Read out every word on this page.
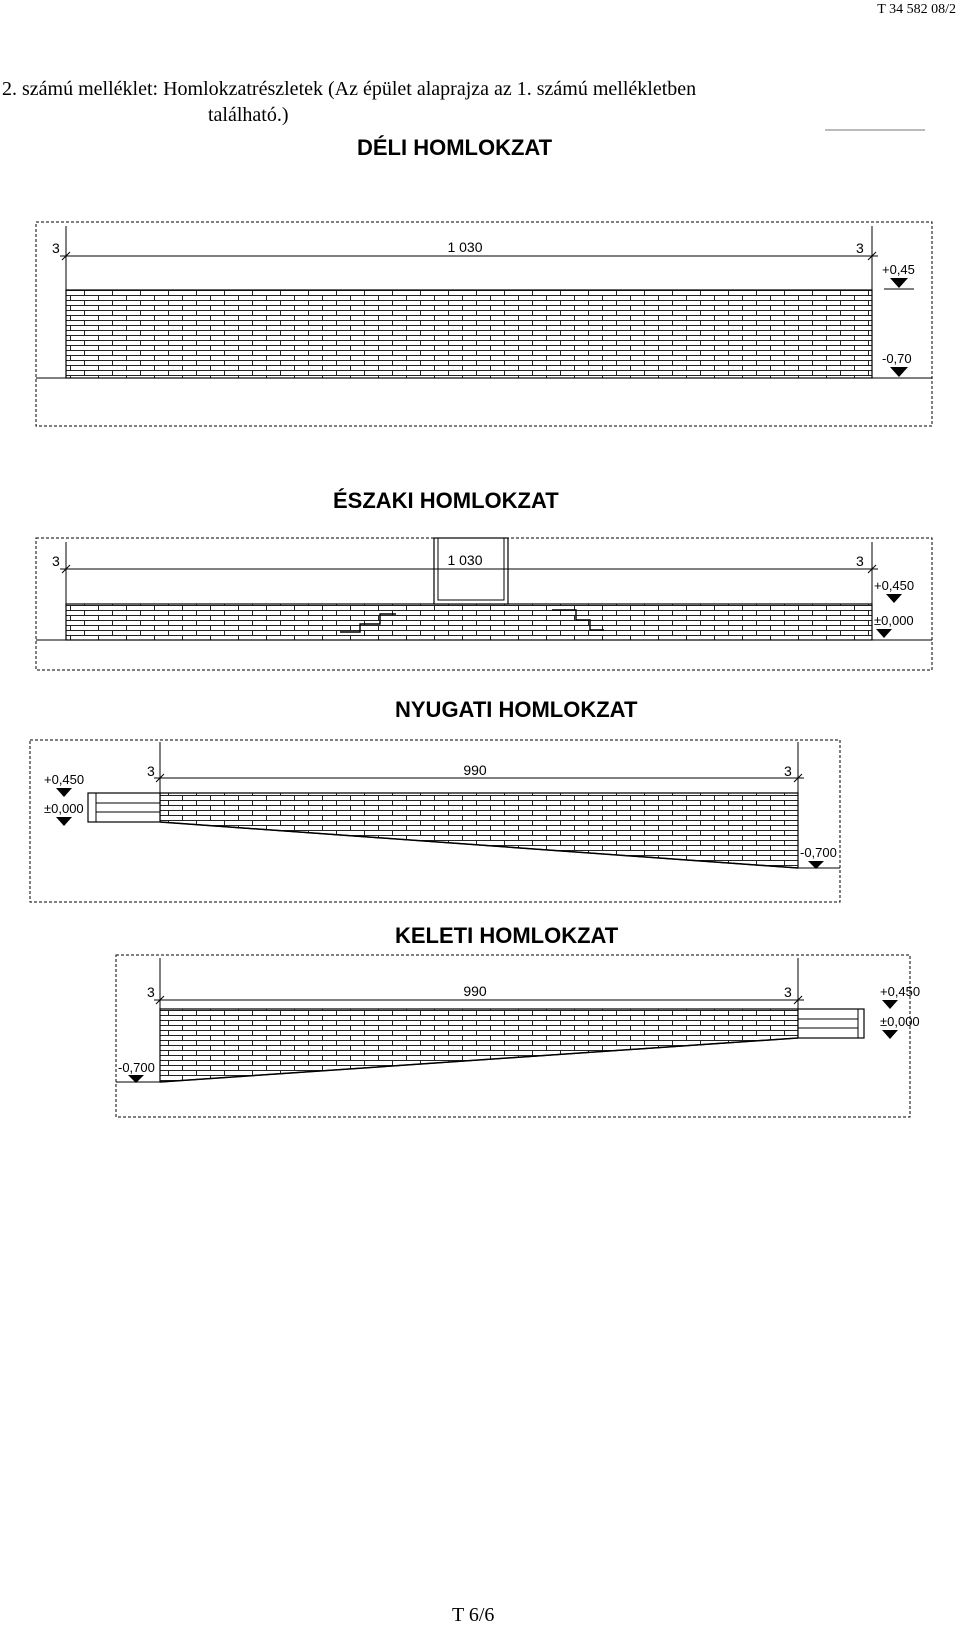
T 34 582 08/2
2. számú melléklet: Homlokzatrészletek (Az épület alaprajza az 1. számú mellékletben
található.)
DÉLI HOMLOKZAT
1 030
3	3
+0,45
-0,70
ÉSZAKI HOMLOKZAT
1 030
3	3
+0,450
±0,000
NYUGATI HOMLOKZAT
990
3	3
+0,450
±0,000
-0,700
KELETI HOMLOKZAT
990
3	3	+0,450
±0,000
-0,700
T 6/6
